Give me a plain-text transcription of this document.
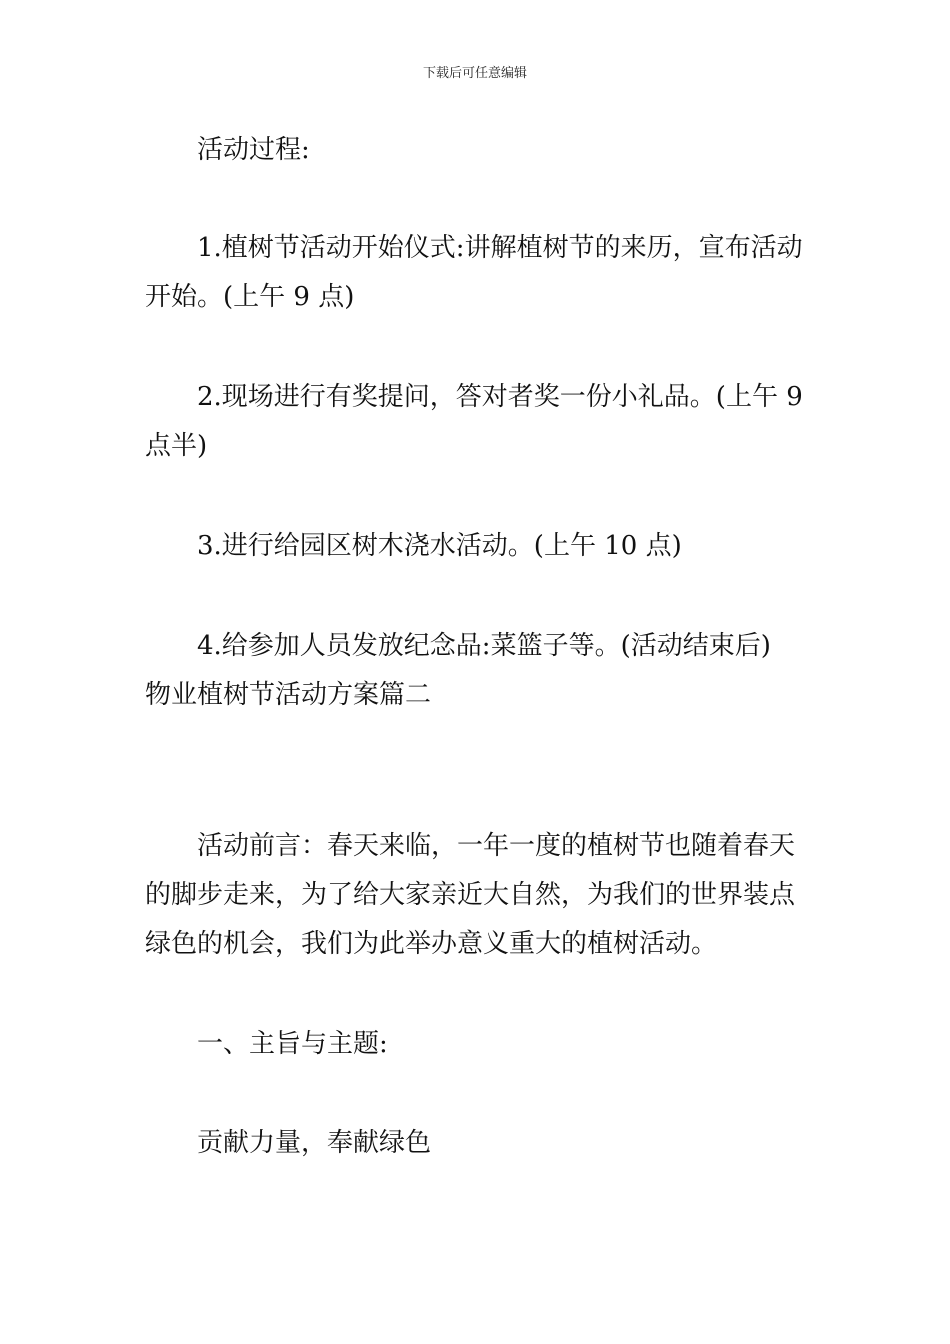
下载后可任意编辑

活动过程:

1.植树节活动开始仪式:讲解植树节的来历，宣布活动
开始。(上午 9 点)

2.现场进行有奖提问，答对者奖一份小礼品。(上午 9
点半)

3.进行给园区树木浇水活动。(上午 10 点)

4.给参加人员发放纪念品:菜篮子等。(活动结束后)

物业植树节活动方案篇二

活动前言：春天来临，一年一度的植树节也随着春天
的脚步走来，为了给大家亲近大自然，为我们的世界装点
绿色的机会，我们为此举办意义重大的植树活动。

一、主旨与主题:

贡献力量，奉献绿色
